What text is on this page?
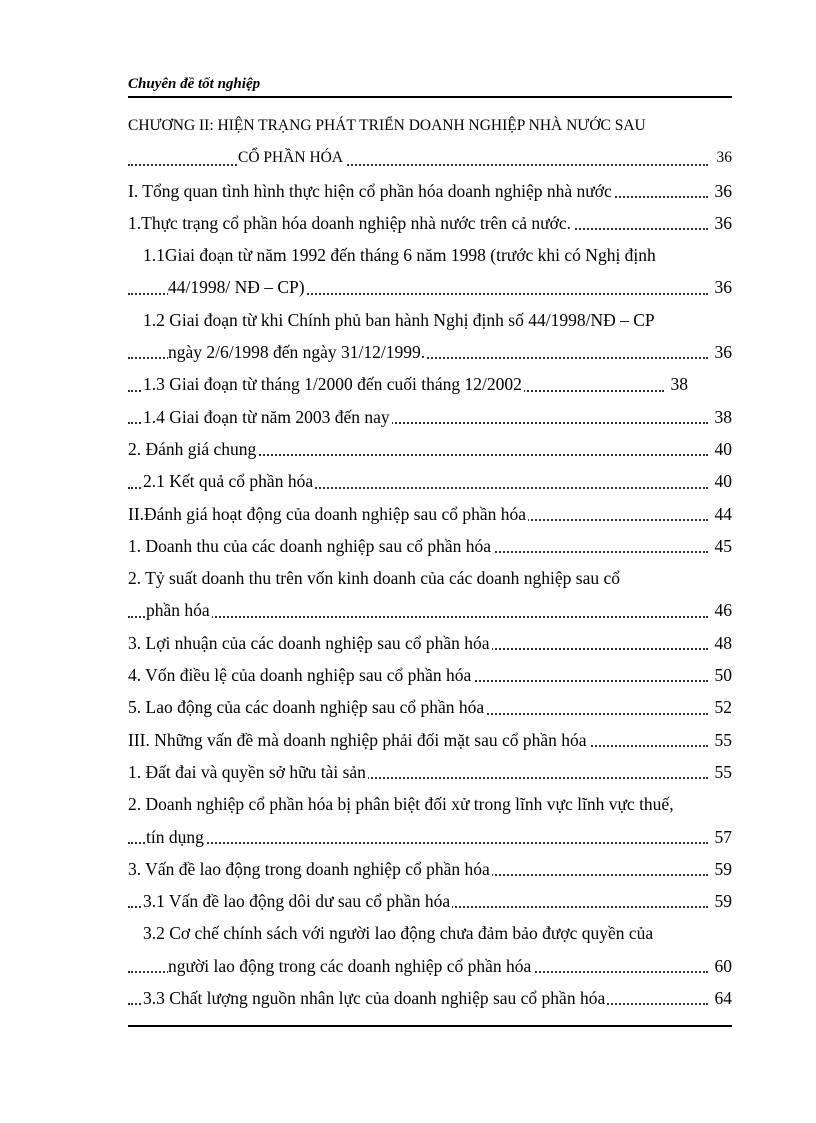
Chuyên đề tốt nghiệp
CHƯƠNG II: HIỆN TRẠNG PHÁT TRIỂN DOANH NGHIỆP NHÀ NƯỚC SAU
CỔ PHẦN HÓA	36
I. Tổng quan tình hình thực hiện cổ phần hóa doanh nghiệp nhà nước	36
1.Thực trạng cổ phần hóa doanh nghiệp nhà nước trên cả nước.	36
1.1Giai đoạn từ năm 1992 đến tháng 6 năm 1998 (trước khi có Nghị định
44/1998/ NĐ – CP)	36
1.2 Giai đoạn từ khi Chính phủ ban hành Nghị định số 44/1998/NĐ – CP
ngày 2/6/1998 đến ngày 31/12/1999.	36
1.3 Giai đoạn từ tháng 1/2000 đến cuối tháng 12/2002	38
1.4 Giai đoạn từ năm 2003 đến nay	38
2. Đánh giá chung	40
2.1 Kết quả cổ phần hóa	40
II.Đánh giá hoạt động của doanh nghiệp sau cổ phần hóa	44
1. Doanh thu của các doanh nghiệp sau cổ phần hóa	45
2. Tỷ suất doanh thu trên vốn kinh doanh của các doanh nghiệp sau cổ
phần hóa	46
3. Lợi nhuận của các doanh nghiệp sau cổ phần hóa	48
4. Vốn điều lệ của doanh nghiệp sau cổ phần hóa	50
5. Lao động của các doanh nghiệp sau cổ phần hóa	52
III. Những vấn đề mà doanh nghiệp phải đối mặt sau cổ phần hóa	55
1. Đất đai và quyền sở hữu tài sản	55
2. Doanh nghiệp cổ phần hóa bị phân biệt đối xử trong lĩnh vực lĩnh vực thuế,
tín dụng	57
3. Vấn đề lao động trong doanh nghiệp cổ phần hóa	59
3.1 Vấn đề lao động dôi dư sau cổ phần hóa	59
3.2 Cơ chế chính sách với người lao động chưa đảm bảo được quyền của
người lao động trong các doanh nghiệp cổ phần hóa	60
3.3 Chất lượng nguồn nhân lực của doanh nghiệp sau cổ phần hóa	64
